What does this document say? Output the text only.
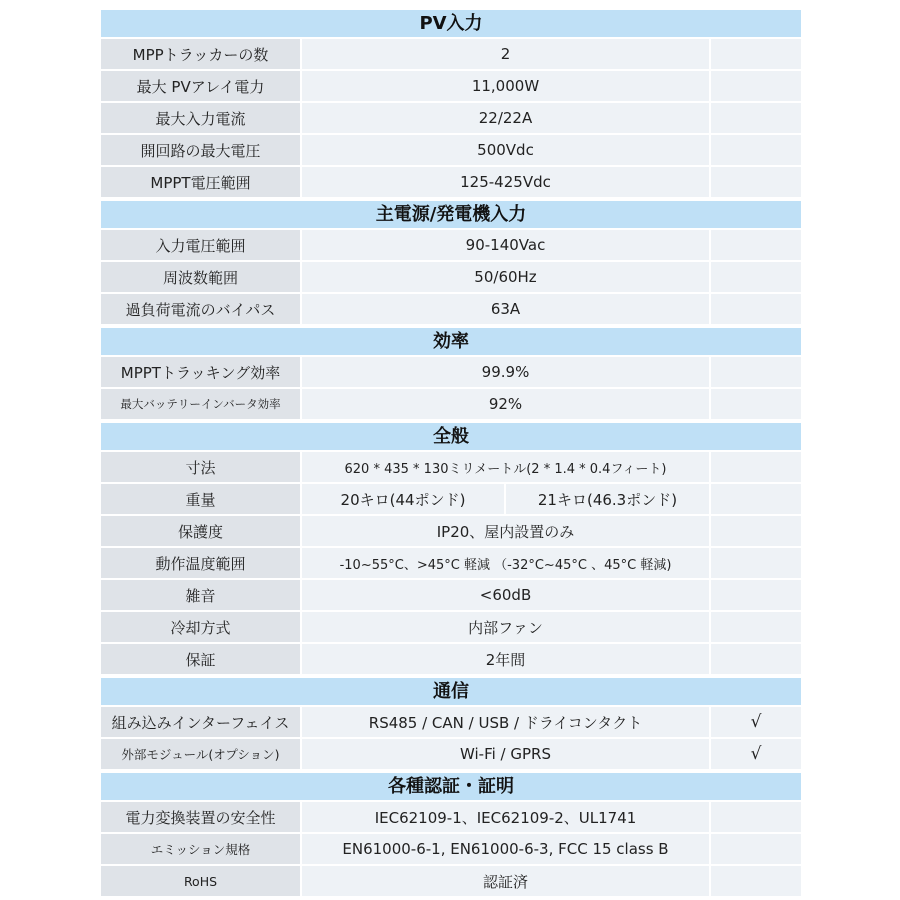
PV入力
MPPトラッカーの数	2
最大 PVアレイ電力	11,000W
最大入力電流	22/22A
開回路の最大電圧	500Vdc
MPPT電圧範囲	125-425Vdc
主電源/発電機入力
入力電圧範囲	90-140Vac
周波数範囲	50/60Hz
過負荷電流のバイパス	63A
効率
MPPTトラッキング効率	99.9%
最大バッテリーインバータ効率	92%
全般
寸法	620 * 435 * 130ミリメートル(2 * 1.4 * 0.4フィート)
重量	20キロ(44ポンド)	21キロ(46.3ポンド)
保護度	IP20、屋内設置のみ
動作温度範囲	-10~55°C、>45°C 軽減 （-32°C~45°C 、45°C 軽減)
雑音	<60dB
冷却方式	内部ファン
保証	2年間
通信
組み込みインターフェイス	RS485 / CAN / USB / ドライコンタクト	√
外部モジュール(オプション)	Wi-Fi / GPRS	√
各種認証・証明
電力変換装置の安全性	IEC62109-1、IEC62109-2、UL1741
エミッション規格	EN61000-6-1, EN61000-6-3, FCC 15 class B
RoHS	認証済
